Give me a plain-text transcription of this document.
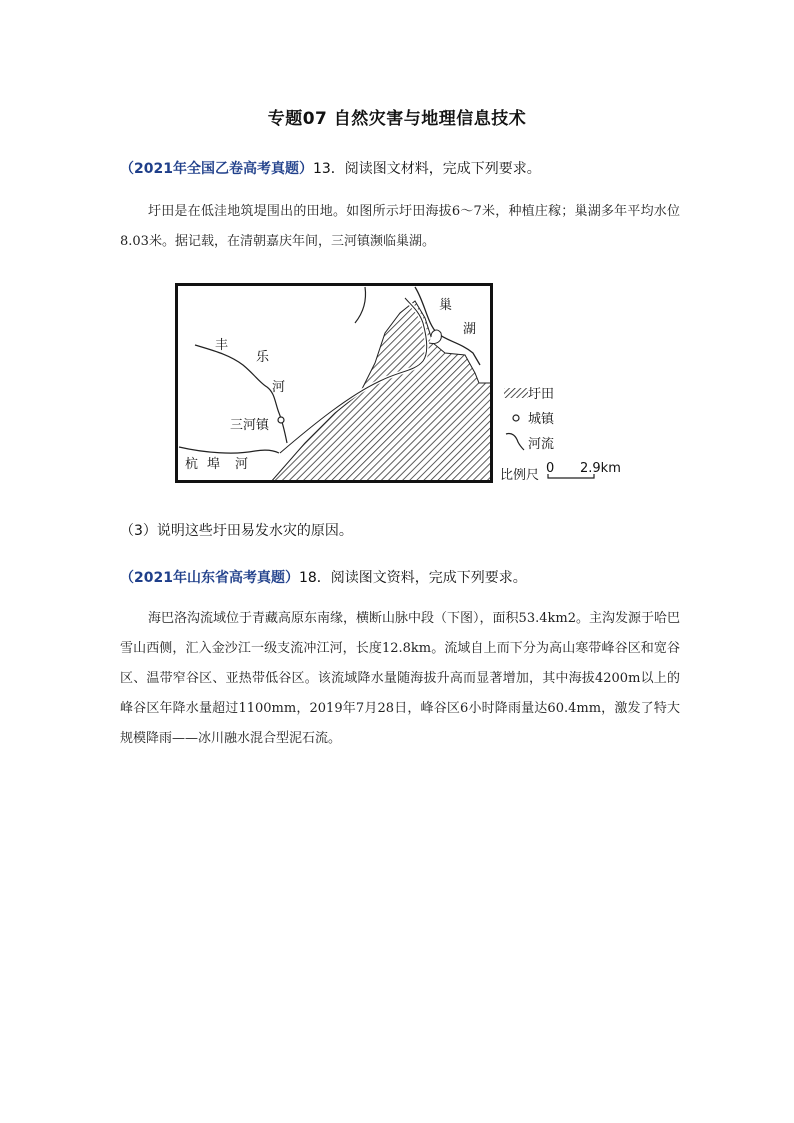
专题07 自然灾害与地理信息技术
（2021年全国乙卷高考真题）13．阅读图文材料，完成下列要求。
圩田是在低洼地筑堤围出的田地。如图所示圩田海拔6～7米，种植庄稼；巢湖多年平均水位8.03米。据记载，在清朝嘉庆年间，三河镇濒临巢湖。
巢
湖
丰
乐
河
三河镇
杭 埠 河
圩田
城镇
河流
比例尺 0 2.9km
（3）说明这些圩田易发水灾的原因。
（2021年山东省高考真题）18．阅读图文资料，完成下列要求。
海巴洛沟流域位于青藏高原东南缘，横断山脉中段（下图），面积53.4km2。主沟发源于哈巴雪山西侧，汇入金沙江一级支流冲江河，长度12.8km。流域自上而下分为高山寒带峰谷区和宽谷区、温带窄谷区、亚热带低谷区。该流域降水量随海拔升高而显著增加，其中海拔4200m以上的峰谷区年降水量超过1100mm，2019年7月28日，峰谷区6小时降雨量达60.4mm，激发了特大规模降雨——冰川融水混合型泥石流。
